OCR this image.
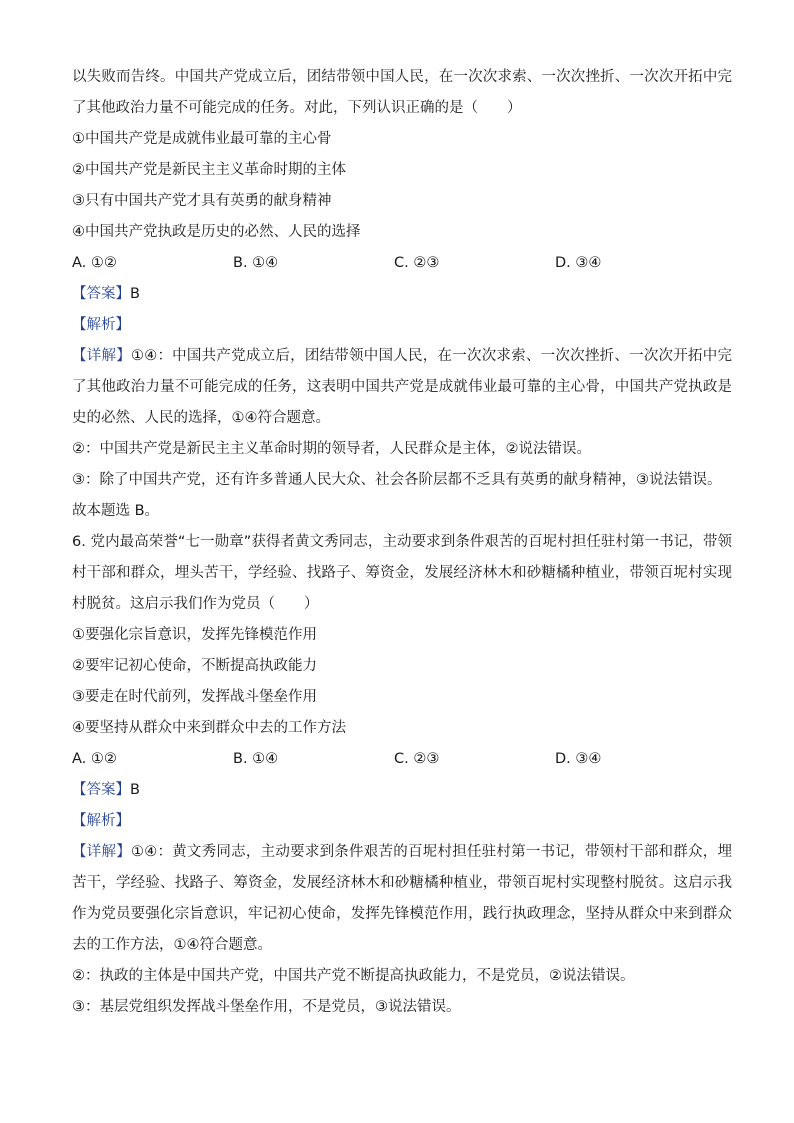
以失败而告终。中国共产党成立后，团结带领中国人民，在一次次求索、一次次挫折、一次次开拓中完
了其他政治力量不可能完成的任务。对此，下列认识正确的是（　　）
①中国共产党是成就伟业最可靠的主心骨
②中国共产党是新民主主义革命时期的主体
③只有中国共产党才具有英勇的献身精神
④中国共产党执政是历史的必然、人民的选择
A. ①②	B. ①④	C. ②③	D. ③④
【答案】B
【解析】
【详解】①④：中国共产党成立后，团结带领中国人民，在一次次求索、一次次挫折、一次次开拓中完
了其他政治力量不可能完成的任务，这表明中国共产党是成就伟业最可靠的主心骨，中国共产党执政是
史的必然、人民的选择，①④符合题意。
②：中国共产党是新民主主义革命时期的领导者，人民群众是主体，②说法错误。
③：除了中国共产党，还有许多普通人民大众、社会各阶层都不乏具有英勇的献身精神，③说法错误。
故本题选 B。
6. 党内最高荣誉“七一勋章”获得者黄文秀同志，主动要求到条件艰苦的百坭村担任驻村第一书记，带领
村干部和群众，埋头苦干，学经验、找路子、筹资金，发展经济林木和砂糖橘种植业，带领百坭村实现
村脱贫。这启示我们作为党员（　　）
①要强化宗旨意识，发挥先锋模范作用
②要牢记初心使命，不断提高执政能力
③要走在时代前列，发挥战斗堡垒作用
④要坚持从群众中来到群众中去的工作方法
A. ①②	B. ①④	C. ②③	D. ③④
【答案】B
【解析】
【详解】①④：黄文秀同志，主动要求到条件艰苦的百坭村担任驻村第一书记，带领村干部和群众，埋
苦干，学经验、找路子、筹资金，发展经济林木和砂糖橘种植业，带领百坭村实现整村脱贫。这启示我
作为党员要强化宗旨意识，牢记初心使命，发挥先锋模范作用，践行执政理念，坚持从群众中来到群众
去的工作方法，①④符合题意。
②：执政的主体是中国共产党，中国共产党不断提高执政能力，不是党员，②说法错误。
③：基层党组织发挥战斗堡垒作用，不是党员，③说法错误。
